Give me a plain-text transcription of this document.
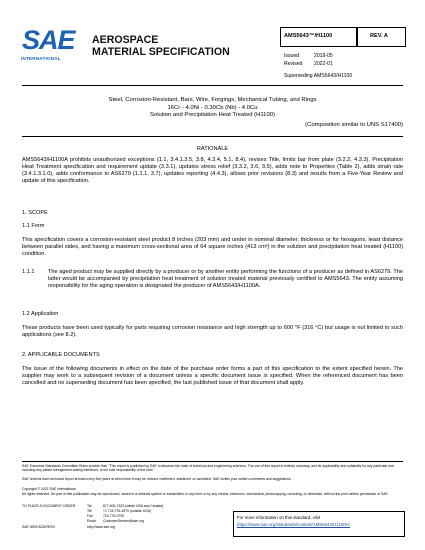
SAE
INTERNATIONAL
AEROSPACE
MATERIAL SPECIFICATION
AMS5643™/H1100	REV. A
Issued	2019-05
Revised 2022-01
Superseding AMS5643/H1100
Steel, Corrosion-Resistant, Bars, Wire, Forgings, Mechanical Tubing, and Rings
16Cr - 4.0Ni - 0.30Cb (Nb) - 4.0Cu
Solution and Precipitation Heat Treated (H1100)
(Composition similar to UNS S17400)
RATIONALE
AMS5643/H1100A prohibits unauthorized exceptions (1.1, 3.4.1.3.5, 3.8, 4.3.4, 5.1, 8.4), revises Title, limits bar from plate (3.2.2, 4.3.3), Precipitation Heat Treatment specification and requirement update (3.3.1), updates stress relief (3.3.2, 3.6, 3.5), adds note to Properties (Table 2), adds strain rate (3.4.1.3.1.0), adds conformance to AS6279 (1.1.1, 3.7), updates reporting (4.4.3), allows prior revisions (8.3) and results from a Five-Year Review and update of this specification.
1. SCOPE
1.1 Form
This specification covers a corrosion-resistant steel product 8 inches (203 mm) and under in nominal diameter, thickness or for hexagons, least distance between parallel sides, and having a maximum cross-sectional area of 64 square inches (413 cm²) in the solution and precipitation heat treated (H1100) condition.
1.1.1 The aged product may be supplied directly by a producer or by another entity performing the functions of a producer as defined in AS6279. The latter would be accompanied by precipitation heat treatment of solution treated material previously certified to AMS5643. The entity assuming responsibility for the aging operation is designated the producer of AMS5643/H1100A.
1.2 Application
These products have been used typically for parts requiring corrosion resistance and high strength up to 600 °F (316 °C) but usage is not limited to such applications (see 8.2).
2. APPLICABLE DOCUMENTS
The issue of the following documents in effect on the date of the purchase order forms a part of this specification to the extent specified herein. The supplier may work to a subsequent revision of a document unless a specific document issue is specified. When the referenced document has been cancelled and no superseding document has been specified, the last published issue of that document shall apply.
SAE Executive Standards Committee Rules provide that: "This report is published by SAE to advance the state of technical and engineering sciences. The use of this report is entirely voluntary, and its applicability and suitability for any particular use, including any patent infringement arising therefrom, is the sole responsibility of the user."
SAE reviews each technical report at least every five years at which time it may be revised, reaffirmed, stabilized, or cancelled. SAE invites your written comments and suggestions.
Copyright © 2022 SAE International
All rights reserved. No part of this publication may be reproduced, stored in a retrieval system or transmitted, in any form or by any means, electronic, mechanical, photocopying, recording, or otherwise, without the prior written permission of SAE.
TO PLACE A DOCUMENT ORDER:	Tel:	877-606-7323 (inside USA and Canada)
Tel:	+1 724-776-4970 (outside USA)
Fax:	724-776-0790
Email: CustomerService@sae.org
SAE WEB ADDRESS:	http://www.sae.org
For more information on this standard, visit
https://www.sae.org/standards/content/AMS5643/H1100A/
